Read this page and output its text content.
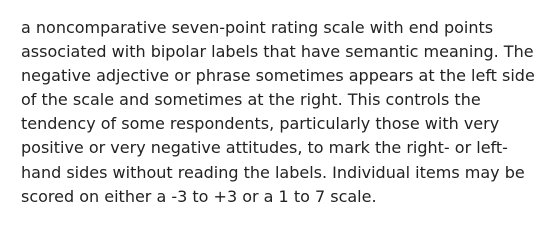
a noncomparative seven-point rating scale with end points

associated with bipolar labels that have semantic meaning. The

negative adjective or phrase sometimes appears at the left side

of the scale and sometimes at the right. This controls the

tendency of some respondents, particularly those with very

positive or very negative attitudes, to mark the right- or left-

hand sides without reading the labels. Individual items may be

scored on either a -3 to +3 or a 1 to 7 scale.
